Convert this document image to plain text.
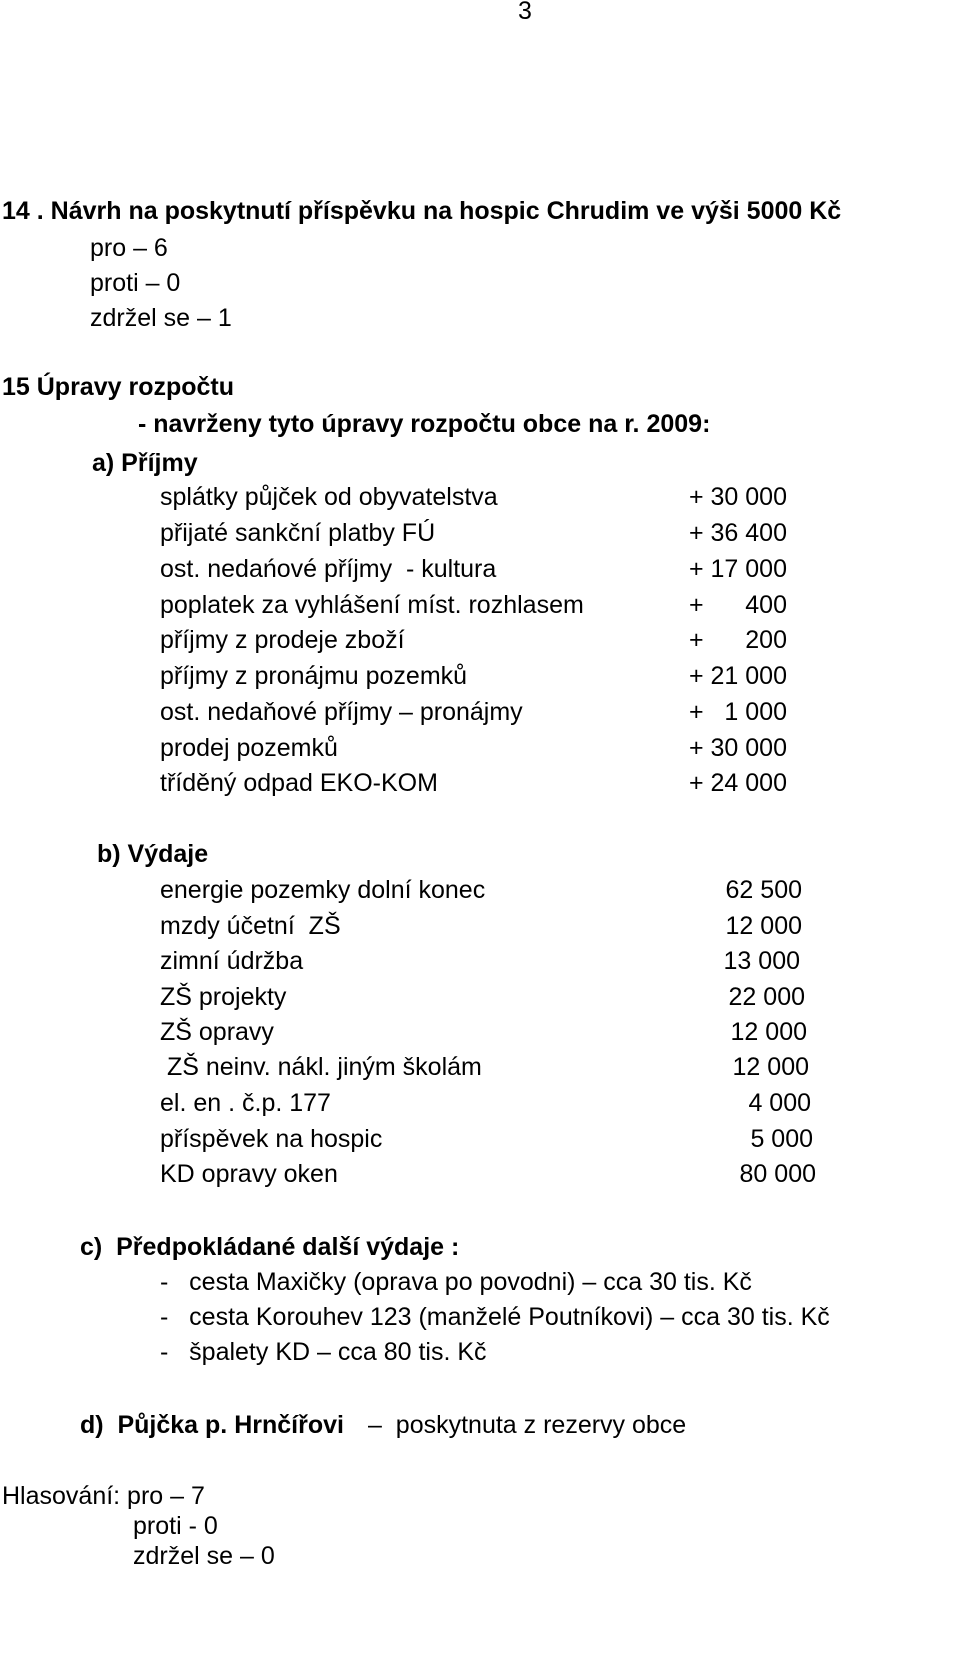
3
14 . Návrh na poskytnutí příspěvku na hospic Chrudim ve výši 5000 Kč
pro – 6
proti – 0
zdržel se – 1
15 Úpravy rozpočtu
- navrženy tyto úpravy rozpočtu obce na r. 2009:
a) Příjmy
splátky půjček od obyvatelstva	+ 30 000
přijaté sankční platby FÚ	+ 36 400
ost. nedańové příjmy  - kultura	+ 17 000
poplatek za vyhlášení míst. rozhlasem	+      400
příjmy z prodeje zboží	+      200
příjmy z pronájmu pozemků	+ 21 000
ost. nedaňové příjmy – pronájmy	+   1 000
prodej pozemků	+ 30 000
tříděný odpad EKO-KOM	+ 24 000
b) Výdaje
energie pozemky dolní konec	62 500
mzdy účetní  ZŠ	12 000
zimní údržba	13 000
ZŠ projekty	22 000
ZŠ opravy	12 000
ZŠ neinv. nákl. jiným školám	12 000
el. en . č.p. 177	4 000
příspěvek na hospic	5 000
KD opravy oken	80 000
c)  Předpokládané další výdaje :
-   cesta Maxičky (oprava po povodni) – cca 30 tis. Kč
-   cesta Korouhev 123 (manželé Poutníkovi) – cca 30 tis. Kč
-   špalety KD – cca 80 tis. Kč
d)  Půjčka p. Hrnčířovi –  poskytnuta z rezervy obce
Hlasování: pro – 7
proti - 0
zdržel se – 0
